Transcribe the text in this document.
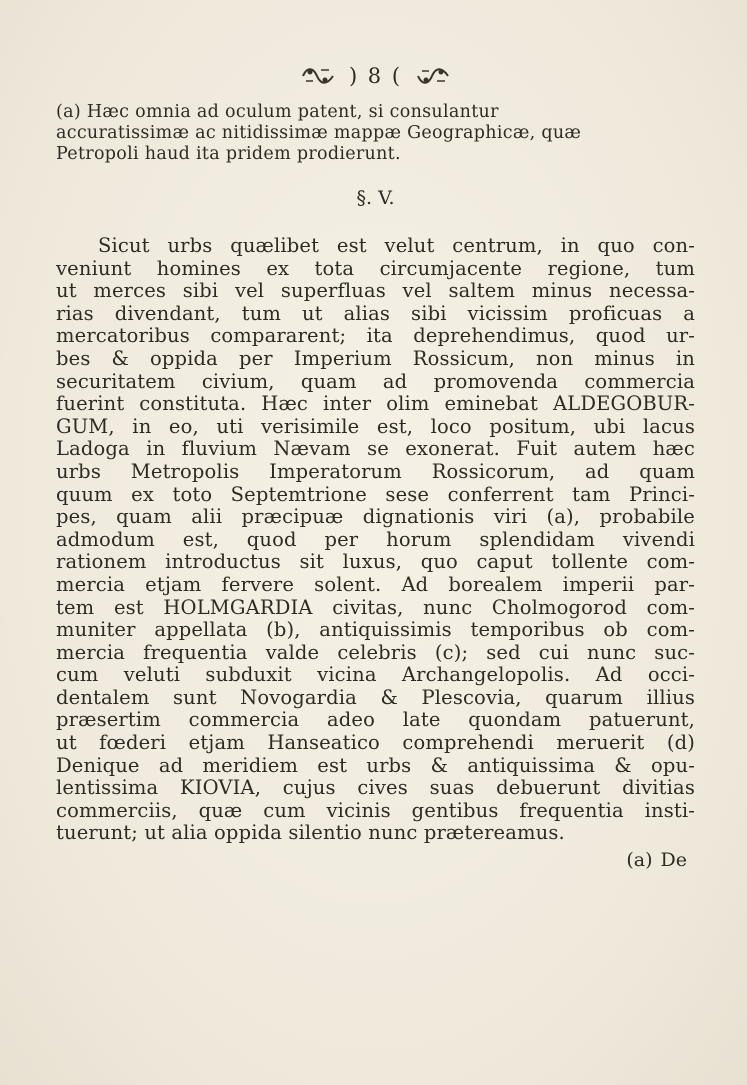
) 8 (
(a) Hæc omnia ad oculum patent, si consulantur
accuratissimæ ac nitidissimæ mappæ Geographicæ, quæ
Petropoli haud ita pridem prodierunt.
§. V.
Sicut urbs quælibet est velut centrum, in quo con-
veniunt homines ex tota circumjacente regione, tum
ut merces sibi vel superfluas vel saltem minus necessa-
rias divendant, tum ut alias sibi vicissim proficuas a
mercatoribus compararent; ita deprehendimus, quod ur-
bes & oppida per Imperium Rossicum, non minus in
securitatem civium, quam ad promovenda commercia
fuerint constituta. Hæc inter olim eminebat ALDEGOBUR-
GUM, in eo, uti verisimile est, loco positum, ubi lacus
Ladoga in fluvium Nævam se exonerat. Fuit autem hæc
urbs Metropolis Imperatorum Rossicorum, ad quam
quum ex toto Septemtrione sese conferrent tam Princi-
pes, quam alii præcipuæ dignationis viri (a), probabile
admodum est, quod per horum splendidam vivendi
rationem introductus sit luxus, quo caput tollente com-
mercia etjam fervere solent. Ad borealem imperii par-
tem est HOLMGARDIA civitas, nunc Cholmogorod com-
muniter appellata (b), antiquissimis temporibus ob com-
mercia frequentia valde celebris (c); sed cui nunc suc-
cum veluti subduxit vicina Archangelopolis. Ad occi-
dentalem sunt Novogardia & Plescovia, quarum illius
præsertim commercia adeo late quondam patuerunt,
ut fœderi etjam Hanseatico comprehendi meruerit (d)
Denique ad meridiem est urbs & antiquissima & opu-
lentissima KIOVIA, cujus cives suas debuerunt divitias
commerciis, quæ cum vicinis gentibus frequentia insti-
tuerunt; ut alia oppida silentio nunc prætereamus.
(a) De
